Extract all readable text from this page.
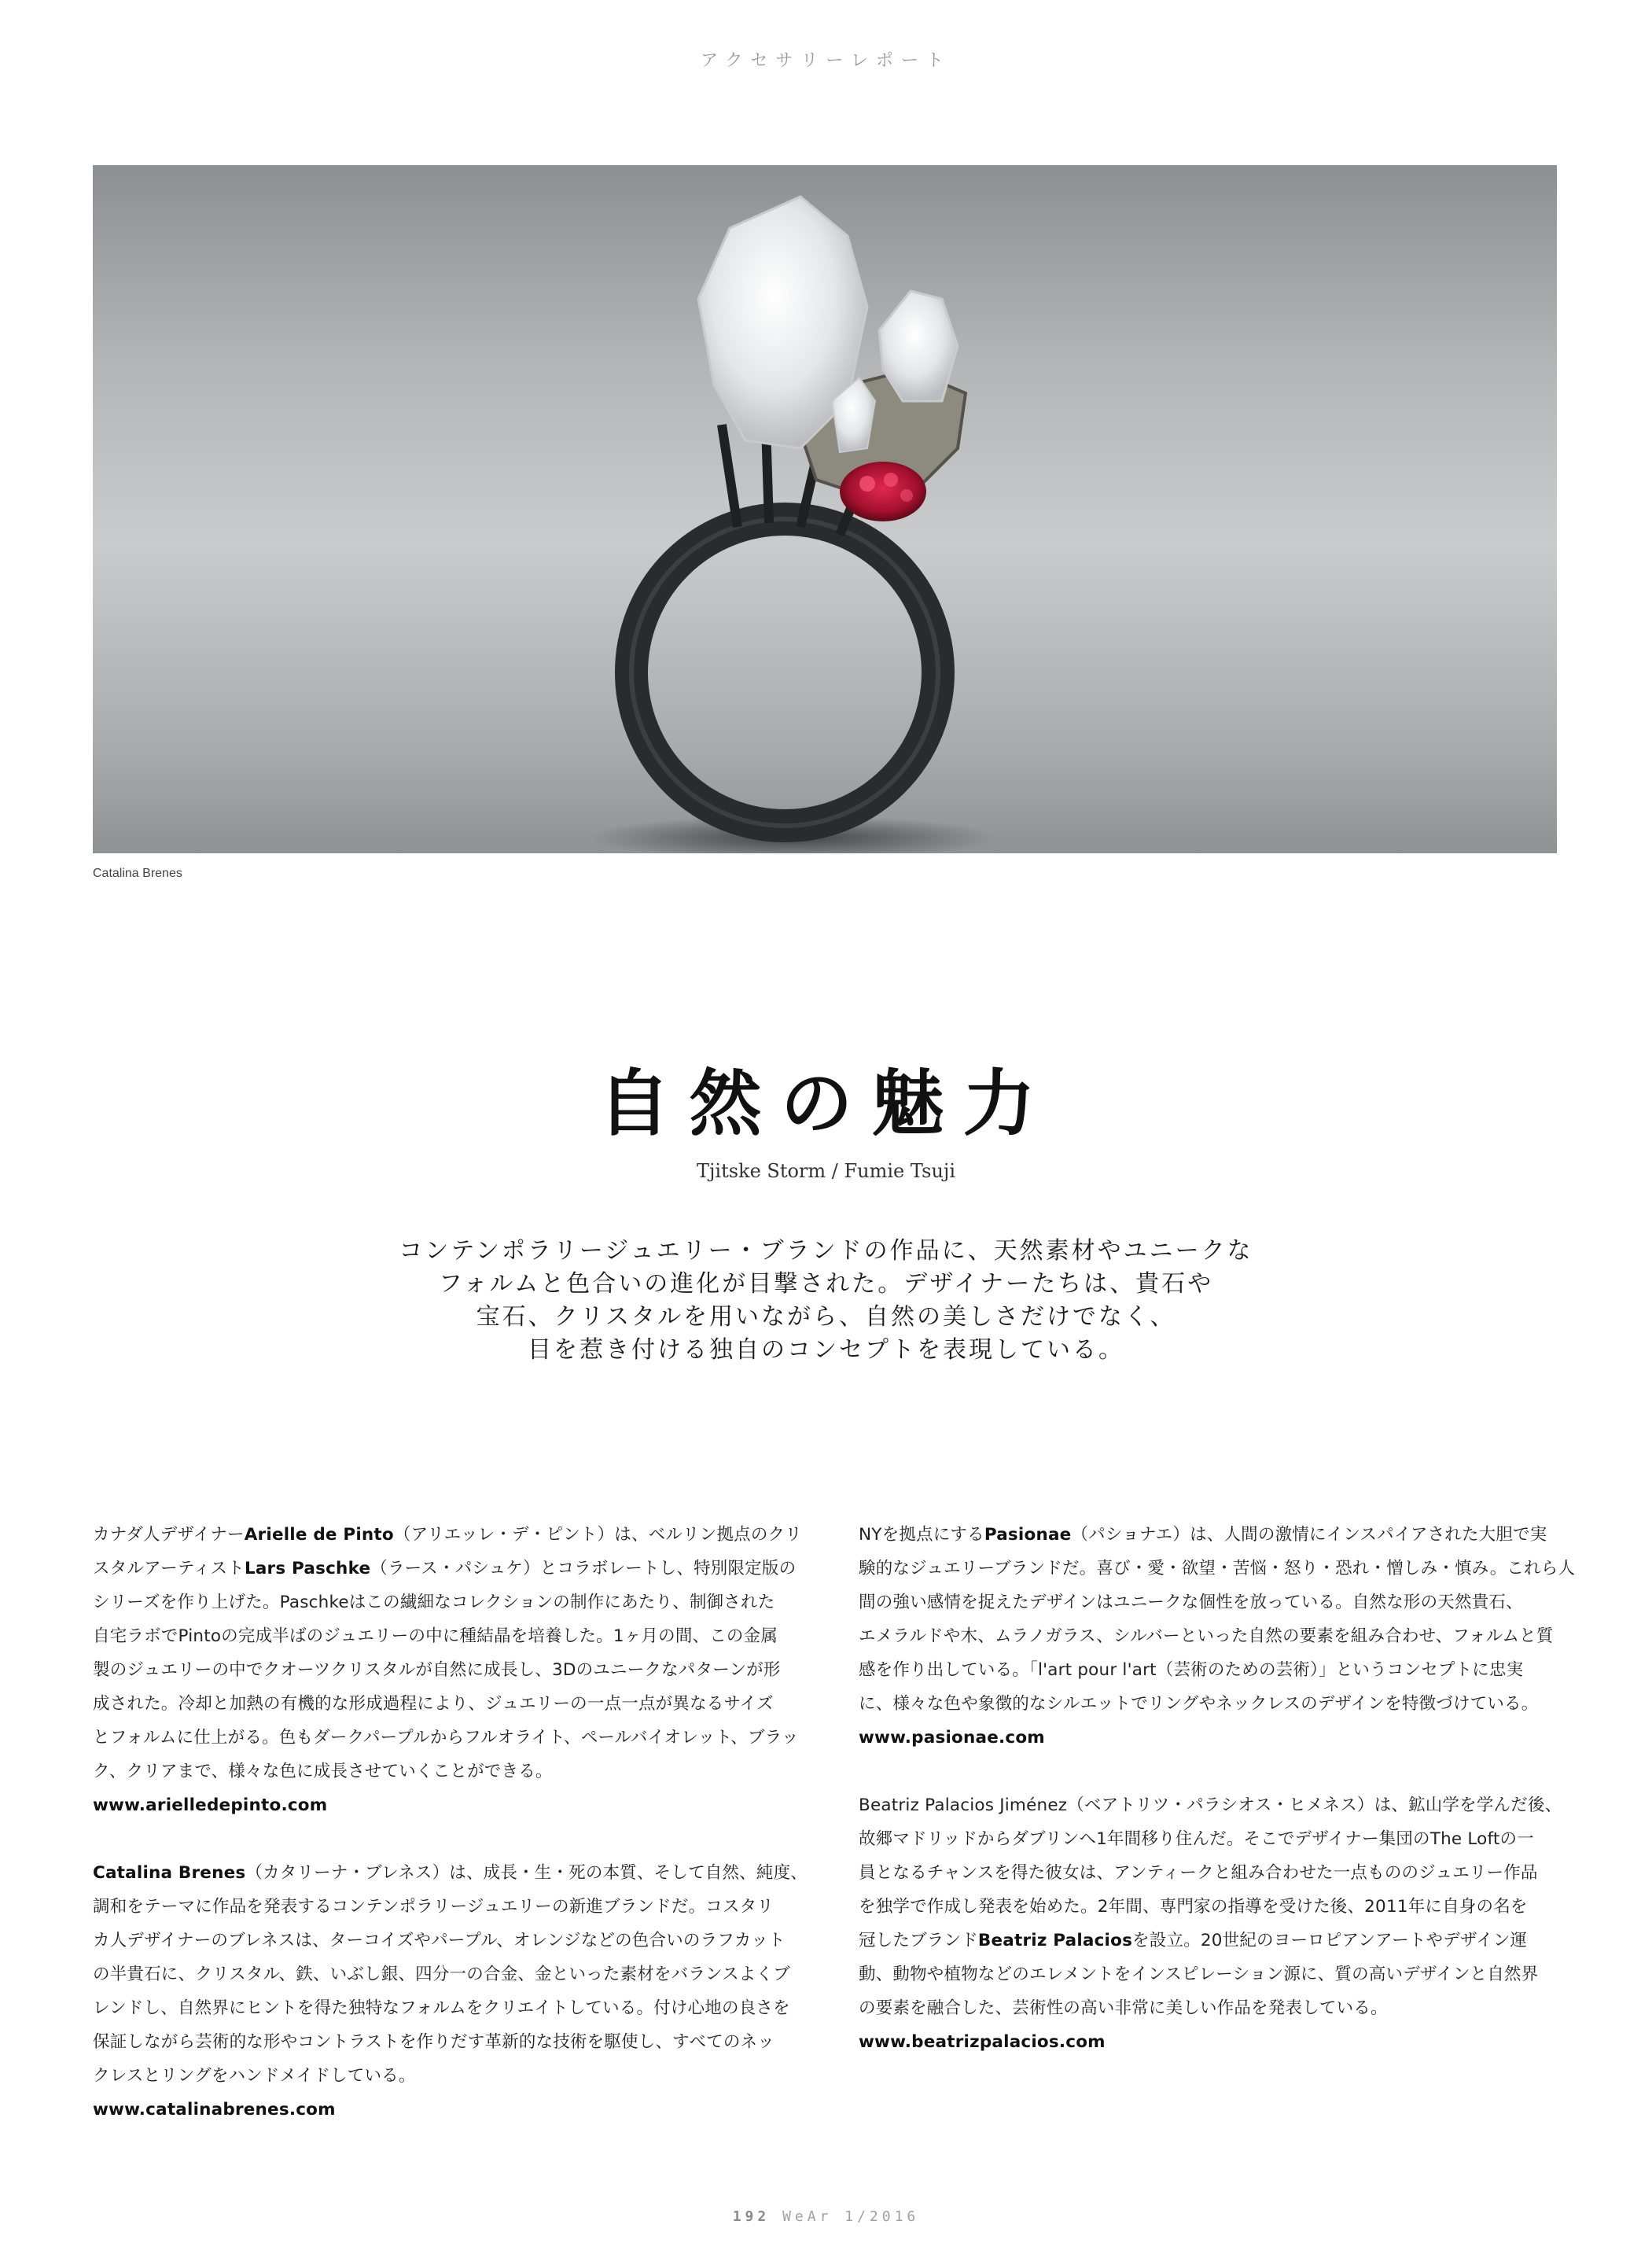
アクセサリーレポート
Catalina Brenes
自然の魅力
Tjitske Storm / Fumie Tsuji
コンテンポラリージュエリー・ブランドの作品に、天然素材やユニークな
フォルムと色合いの進化が目撃された。デザイナーたちは、貴石や
宝石、クリスタルを用いながら、自然の美しさだけでなく、
目を惹き付ける独自のコンセプトを表現している。
カナダ人デザイナーArielle de Pinto（アリエッレ・デ・ピント）は、ベルリン拠点のクリ
スタルアーティストLars Paschke（ラース・パシュケ）とコラボレートし、特別限定版の
シリーズを作り上げた。Paschkeはこの繊細なコレクションの制作にあたり、制御された
自宅ラボでPintoの完成半ばのジュエリーの中に種結晶を培養した。1ヶ月の間、この金属
製のジュエリーの中でクオーツクリスタルが自然に成長し、3Dのユニークなパターンが形
成された。冷却と加熱の有機的な形成過程により、ジュエリーの一点一点が異なるサイズ
とフォルムに仕上がる。色もダークパープルからフルオライト、ペールバイオレット、ブラッ
ク、クリアまで、様々な色に成長させていくことができる。
www.arielledepinto.com
Catalina Brenes（カタリーナ・ブレネス）は、成長・生・死の本質、そして自然、純度、
調和をテーマに作品を発表するコンテンポラリージュエリーの新進ブランドだ。コスタリ
カ人デザイナーのブレネスは、ターコイズやパープル、オレンジなどの色合いのラフカット
の半貴石に、クリスタル、鉄、いぶし銀、四分一の合金、金といった素材をバランスよくブ
レンドし、自然界にヒントを得た独特なフォルムをクリエイトしている。付け心地の良さを
保証しながら芸術的な形やコントラストを作りだす革新的な技術を駆使し、すべてのネッ
クレスとリングをハンドメイドしている。
www.catalinabrenes.com
NYを拠点にするPasionae（パショナエ）は、人間の激情にインスパイアされた大胆で実
験的なジュエリーブランドだ。喜び・愛・欲望・苦悩・怒り・恐れ・憎しみ・慎み。これら人
間の強い感情を捉えたデザインはユニークな個性を放っている。自然な形の天然貴石、
エメラルドや木、ムラノガラス、シルバーといった自然の要素を組み合わせ、フォルムと質
感を作り出している。「l'art pour l'art（芸術のための芸術）」というコンセプトに忠実
に、様々な色や象徴的なシルエットでリングやネックレスのデザインを特徴づけている。
www.pasionae.com
Beatriz Palacios Jiménez（ベアトリツ・パラシオス・ヒメネス）は、鉱山学を学んだ後、
故郷マドリッドからダブリンへ1年間移り住んだ。そこでデザイナー集団のThe Loftの一
員となるチャンスを得た彼女は、アンティークと組み合わせた一点もののジュエリー作品
を独学で作成し発表を始めた。2年間、専門家の指導を受けた後、2011年に自身の名を
冠したブランドBeatriz Palaciosを設立。20世紀のヨーロピアンアートやデザイン運
動、動物や植物などのエレメントをインスピレーション源に、質の高いデザインと自然界
の要素を融合した、芸術性の高い非常に美しい作品を発表している。
www.beatrizpalacios.com
192 WeAr 1/2016
